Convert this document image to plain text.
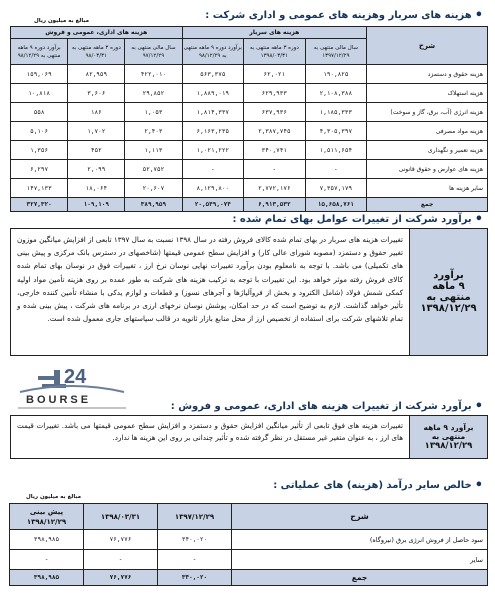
•هزینه های سربار وهزینه های عمومی و اداری شرکت :
مبالغ به میلیون ریال
شرح	هزینه های سربار			هزینه های اداری، عمومی و فروش		
	سال مالی منتهی به ۱۳۹۷/۱۲/۲۹	دوره ۳ ماهه منتهی به ۱۳۹۸/۰۳/۳۱	برآورد دوره ۹ ماهه منتهی به ۹۸/۱۲/۲۹	سال مالی منتهی به ۹۷/۱۲/۲۹	دوره ۳ ماهه منتهی به ۹۸/۰۳/۳۱	برآورد دوره ۹ ماهه منتهی به ۹۸/۱۲/۲۹
هزینه حقوق و دستمزد	۱۹۰,۸۲۵	۶۲,۰۲۱	۵۶۳,۳۷۵	۴۲۲,۰۱۰	۸۲,۹۵۹	۱۵۹,۰۶۹
هزینه استهلاک	۲,۱۰۸,۳۸۸	۶۲۹,۹۳۳	۱,۸۸۹,۰۱۹	۲۹,۸۵۲	۳,۶۰۶	۱۰,۸۱۸
هزینه انرژی (آب، برق، گاز و سوخت)	۱,۱۸۵,۳۳۳	۶۳۷,۹۳۶	۱,۸۱۴,۳۳۷	۱,۰۵۳	۱۸۶	۵۵۸
هزینه مواد مصرفی	۴,۳۰۵,۳۹۷	۲,۳۸۷,۷۴۵	۶,۱۶۳,۲۳۵	۲,۴۰۳	۱,۷۰۲	۵,۱۰۶
هزینه تعمیر و نگهداری	۱,۵۱۱,۶۵۴	۳۴۰,۷۴۱	۱,۰۲۱,۲۲۲	۱,۱۱۳	۴۵۲	۱,۳۵۶
هزینه های عوارض و حقوق قانونی	-	-	-	۵۲,۷۵۲	۲,۰۹۹	۶,۲۹۷
سایر هزینه ها	۷,۳۵۷,۱۷۹	۲,۷۷۲,۱۷۶	۸,۱۲۹,۸۰۰	۲۰,۶۰۷	۱۸,۰۶۴	۱۴۷,۱۳۳
جمع	۱۵,۶۵۸,۷۶۱	۶,۹۱۳,۵۳۲	۲۰,۵۴۹,۰۷۴	۳۸۹,۹۵۹	۱۰۹,۱۰۹	۳۲۷,۳۲۰
•برآورد شرکت از تغییرات عوامل بهای تمام شده :
برآورد
۹ ماهه
منتهی به
۱۳۹۸/۱۲/۲۹
تغییرات هزینه های سربار در بهای تمام شده کالای فروش رفته در سال ۱۳۹۸ نسبت به سال ۱۳۹۷ تابعی از افزایش میانگین موزون تغییر حقوق و دستمزد (مصوبه شورای عالی کار) و افزایش سطح عمومی قیمتها (شاخصهای در دسترس بانک مرکزی و پیش بینی های تکمیلی) می باشد. با توجه به نامعلوم بودن برآورد تغییرات نهایی نوسان نرخ ارز ، تغییرات فوق در نوسان بهای تمام شده کالای فروش رفته موثر خواهد بود. این تغییرات با توجه به ترکیب هزینه های شرکت به طور عمده بر روی هزینه تأمین مواد اولیه کمکی شمش فولاد (شامل الکترود و بخش از فروآلیاژها و آجرهای نسوز) و قطعات و لوازم یدکی با منشاء تأمین کننده خارجی، تأثیر خواهد گذاشت. لازم به توضیح است که در حد امکان، پوشش نوسان نرخهای ارزی در برنامه های شرکت ، پیش بینی شده و تمام تلاشهای شرکت برای استفاده از تخصیص ارز از محل منابع بازار ثانویه در قالب سیاستهای جاری معمول شده است.
24
BOURSE	•برآورد شرکت از تغییرات هزینه های اداری، عمومی و فروش :
برآورد ۹ ماهه
منتهی به
۱۳۹۸/۱۲/۲۹
تغییرات هزینه های فوق تابعی از تأثیر میانگین افزایش حقوق و دستمزد و افزایش سطح عمومی قیمتها می باشد. تغییرات قیمت های ارز ، به عنوان متغیر غیر مستقل در نظر گرفته شده و تأثیر چندانی بر روی این هزینه ها ندارد.
•خالص سایر درآمد (هزینه) های عملیاتی :
مبالغ به میلیون ریال
شرح	۱۳۹۷/۱۲/۲۹	۱۳۹۸/۰۳/۳۱	پیش بینی
۱۳۹۸/۱۲/۲۹

سود حاصل از فروش انرژی برق (نیروگاه)	۳۴۰,۰۲۰	۷۶,۷۷۶	۳۹۸,۹۸۵
سایر	-	-	-
جمع	۳۴۰,۰۲۰	۷۶,۷۷۶	۳۹۸,۹۸۵
